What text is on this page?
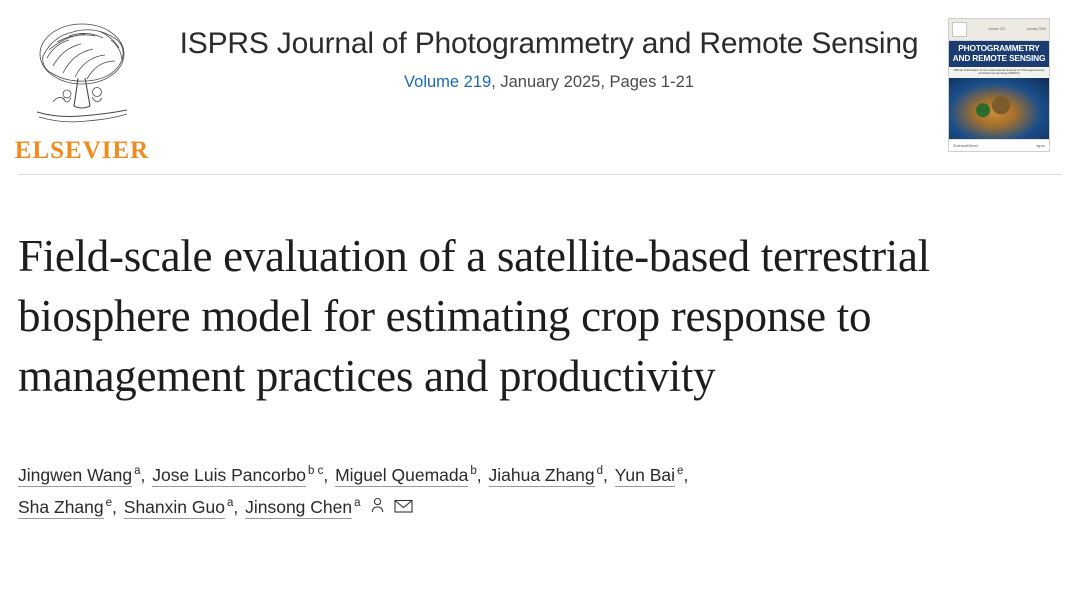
ELSEVIER
ISPRS Journal of Photogrammetry and Remote Sensing
Volume 219, January 2025, Pages 1-21
Volume 219	January 2025
PHOTOGRAMMETRY AND REMOTE SENSING
Official Publication of the International Society for Photogrammetry and Remote Sensing (ISPRS)
ScienceDirect	isprs
Field-scale evaluation of a satellite-based terrestrial biosphere model for estimating crop response to management practices and productivity
Jingwen Wang $^a$, Jose Luis Pancorbo $^{b c}$, Miguel Quemada $^b$, Jiahua Zhang $^d$, Yun Bai $^e$,
Sha Zhang $^e$, Shanxin Guo $^a$, Jinsong Chen $^a$
